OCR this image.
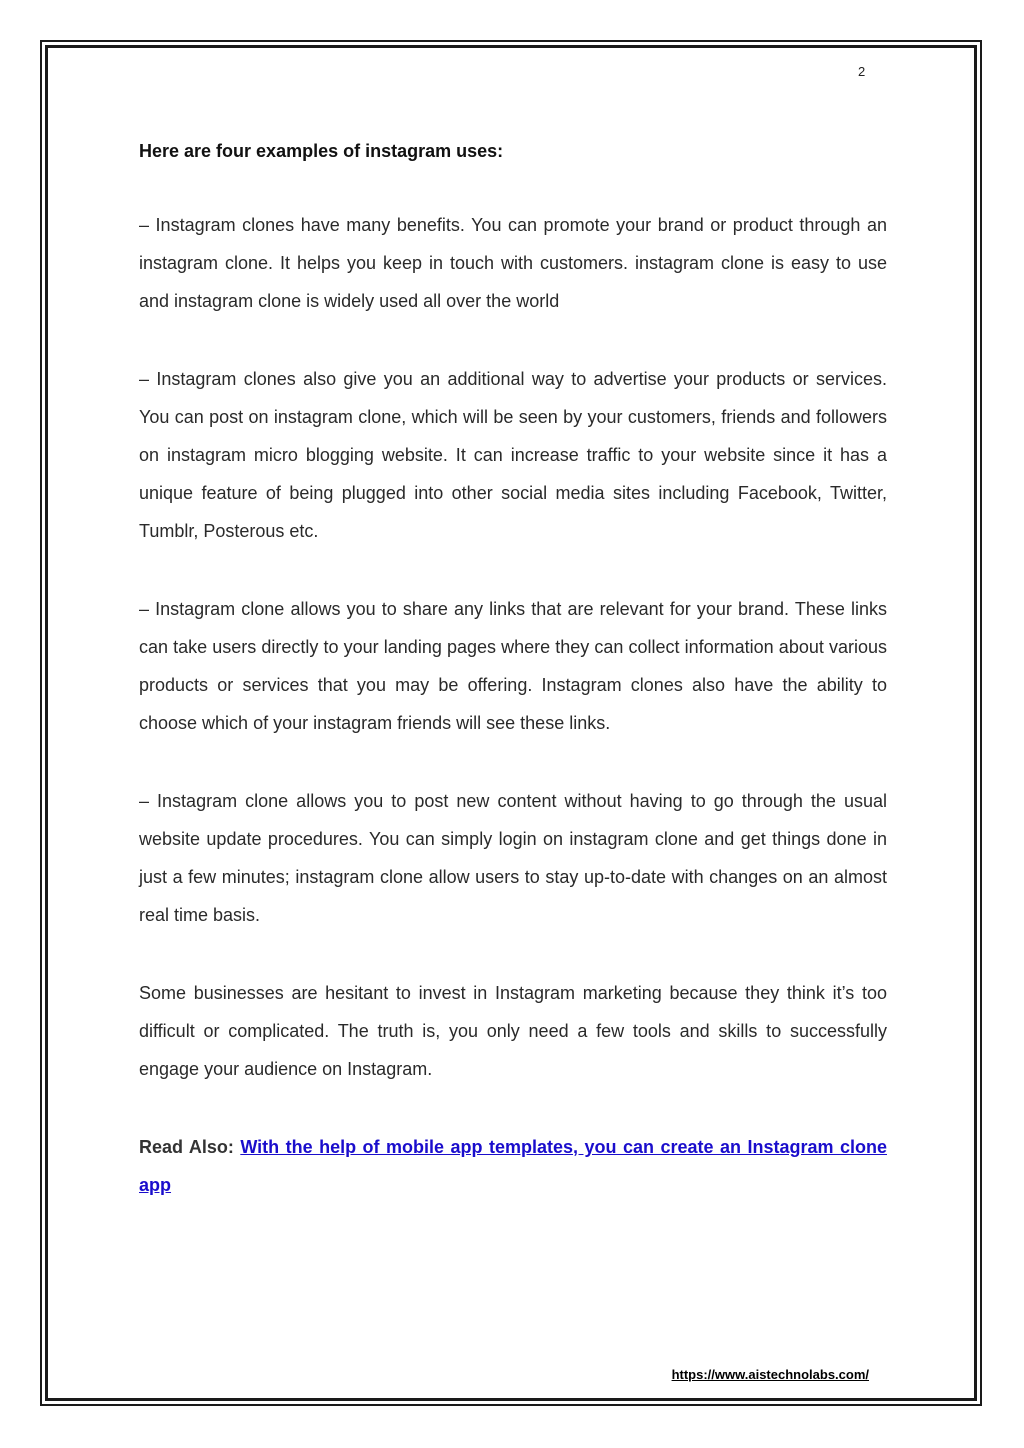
2

Here are four examples of instagram uses:

– Instagram clones have many benefits. You can promote your brand or product through an instagram clone. It helps you keep in touch with customers. instagram clone is easy to use and instagram clone is widely used all over the world

– Instagram clones also give you an additional way to advertise your products or services. You can post on instagram clone, which will be seen by your customers, friends and followers on instagram micro blogging website. It can increase traffic to your website since it has a unique feature of being plugged into other social media sites including Facebook, Twitter, Tumblr, Posterous etc.

– Instagram clone allows you to share any links that are relevant for your brand. These links can take users directly to your landing pages where they can collect information about various products or services that you may be offering. Instagram clones also have the ability to choose which of your instagram friends will see these links.

– Instagram clone allows you to post new content without having to go through the usual website update procedures. You can simply login on instagram clone and get things done in just a few minutes; instagram clone allow users to stay up-to-date with changes on an almost real time basis.

Some businesses are hesitant to invest in Instagram marketing because they think it’s too difficult or complicated. The truth is, you only need a few tools and skills to successfully engage your audience on Instagram.

Read Also: With the help of mobile app templates, you can create an Instagram clone app

https://www.aistechnolabs.com/
